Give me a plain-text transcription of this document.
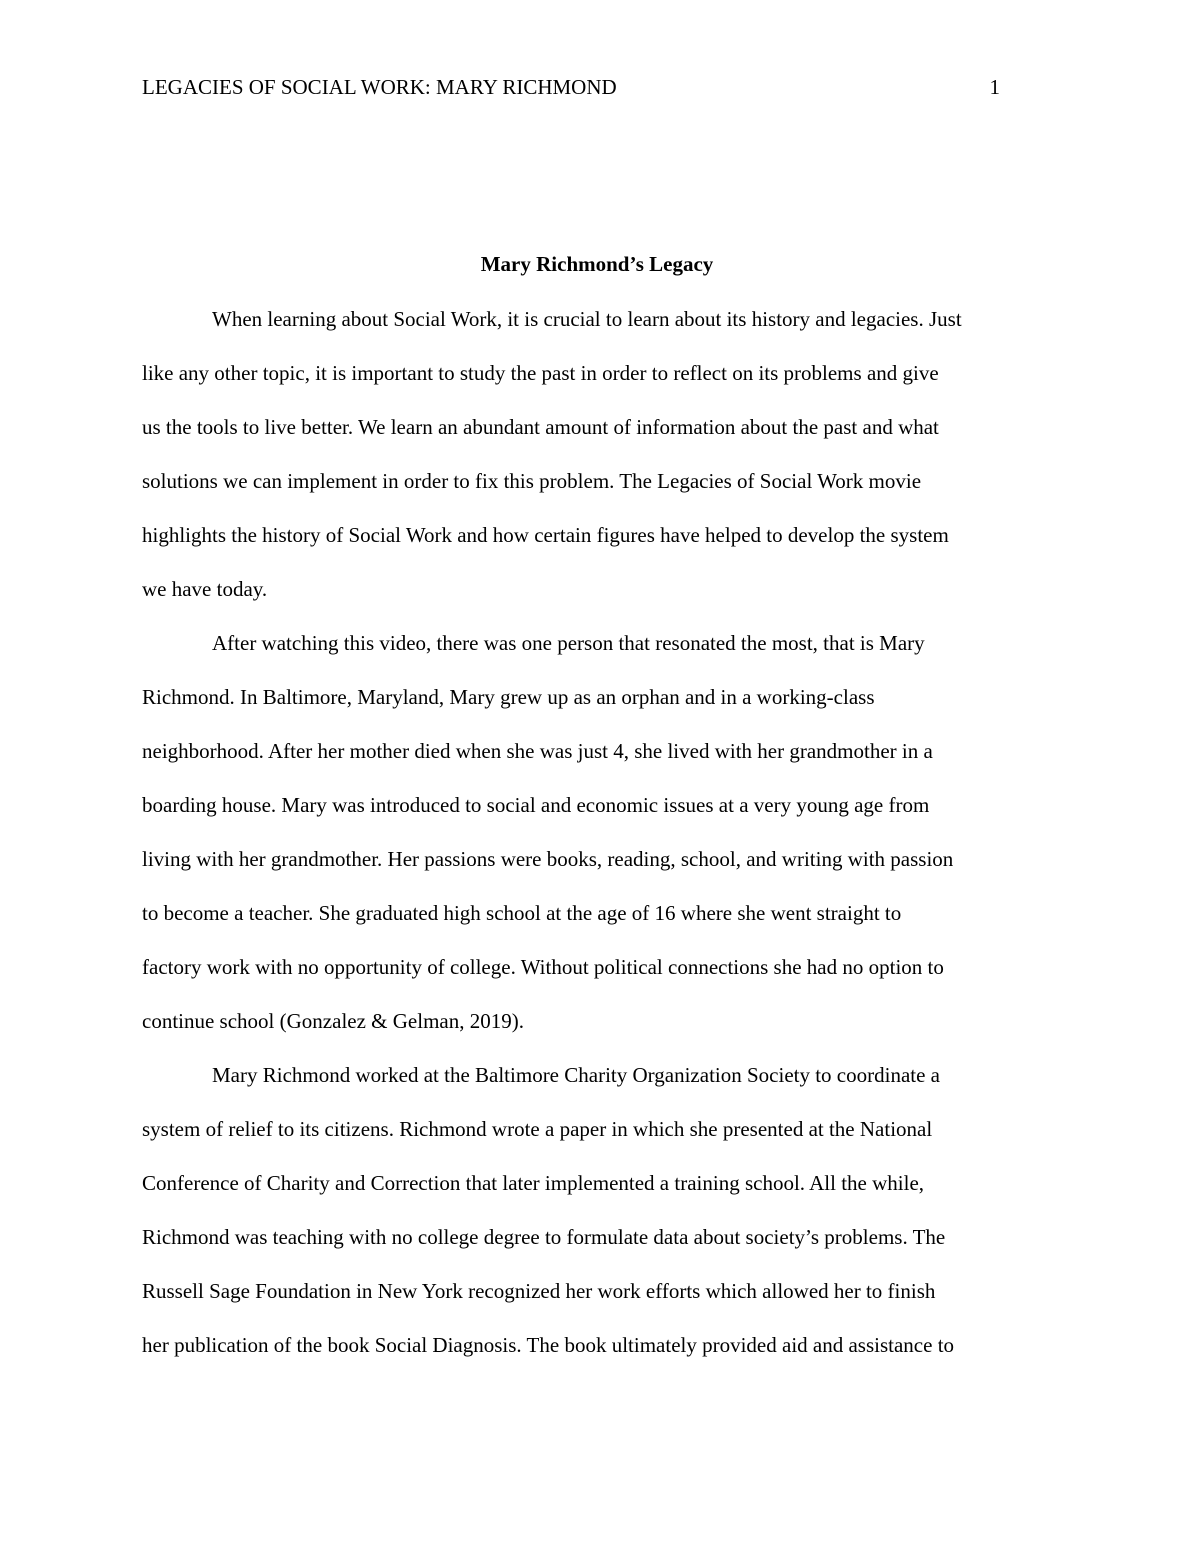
LEGACIES OF SOCIAL WORK: MARY RICHMOND	1
Mary Richmond’s Legacy
When learning about Social Work, it is crucial to learn about its history and legacies. Just
like any other topic, it is important to study the past in order to reflect on its problems and give
us the tools to live better. We learn an abundant amount of information about the past and what
solutions we can implement in order to fix this problem. The Legacies of Social Work movie
highlights the history of Social Work and how certain figures have helped to develop the system
we have today.
After watching this video, there was one person that resonated the most, that is Mary
Richmond. In Baltimore, Maryland, Mary grew up as an orphan and in a working-class
neighborhood. After her mother died when she was just 4, she lived with her grandmother in a
boarding house. Mary was introduced to social and economic issues at a very young age from
living with her grandmother. Her passions were books, reading, school, and writing with passion
to become a teacher. She graduated high school at the age of 16 where she went straight to
factory work with no opportunity of college. Without political connections she had no option to
continue school (Gonzalez & Gelman, 2019).
Mary Richmond worked at the Baltimore Charity Organization Society to coordinate a
system of relief to its citizens. Richmond wrote a paper in which she presented at the National
Conference of Charity and Correction that later implemented a training school. All the while,
Richmond was teaching with no college degree to formulate data about society’s problems. The
Russell Sage Foundation in New York recognized her work efforts which allowed her to finish
her publication of the book Social Diagnosis. The book ultimately provided aid and assistance to
